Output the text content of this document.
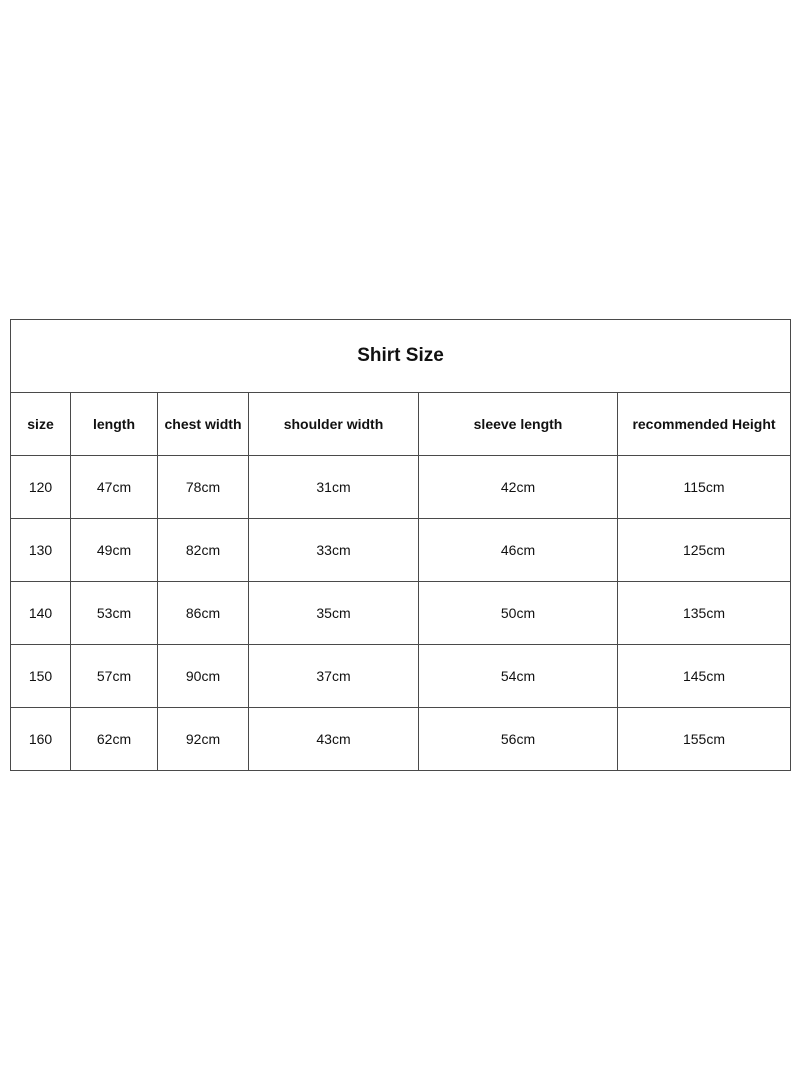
Shirt Size					
size	length	chest width	shoulder width	sleeve length	recommended Height
120	47cm	78cm	31cm	42cm	115cm
130	49cm	82cm	33cm	46cm	125cm
140	53cm	86cm	35cm	50cm	135cm
150	57cm	90cm	37cm	54cm	145cm
160	62cm	92cm	43cm	56cm	155cm
